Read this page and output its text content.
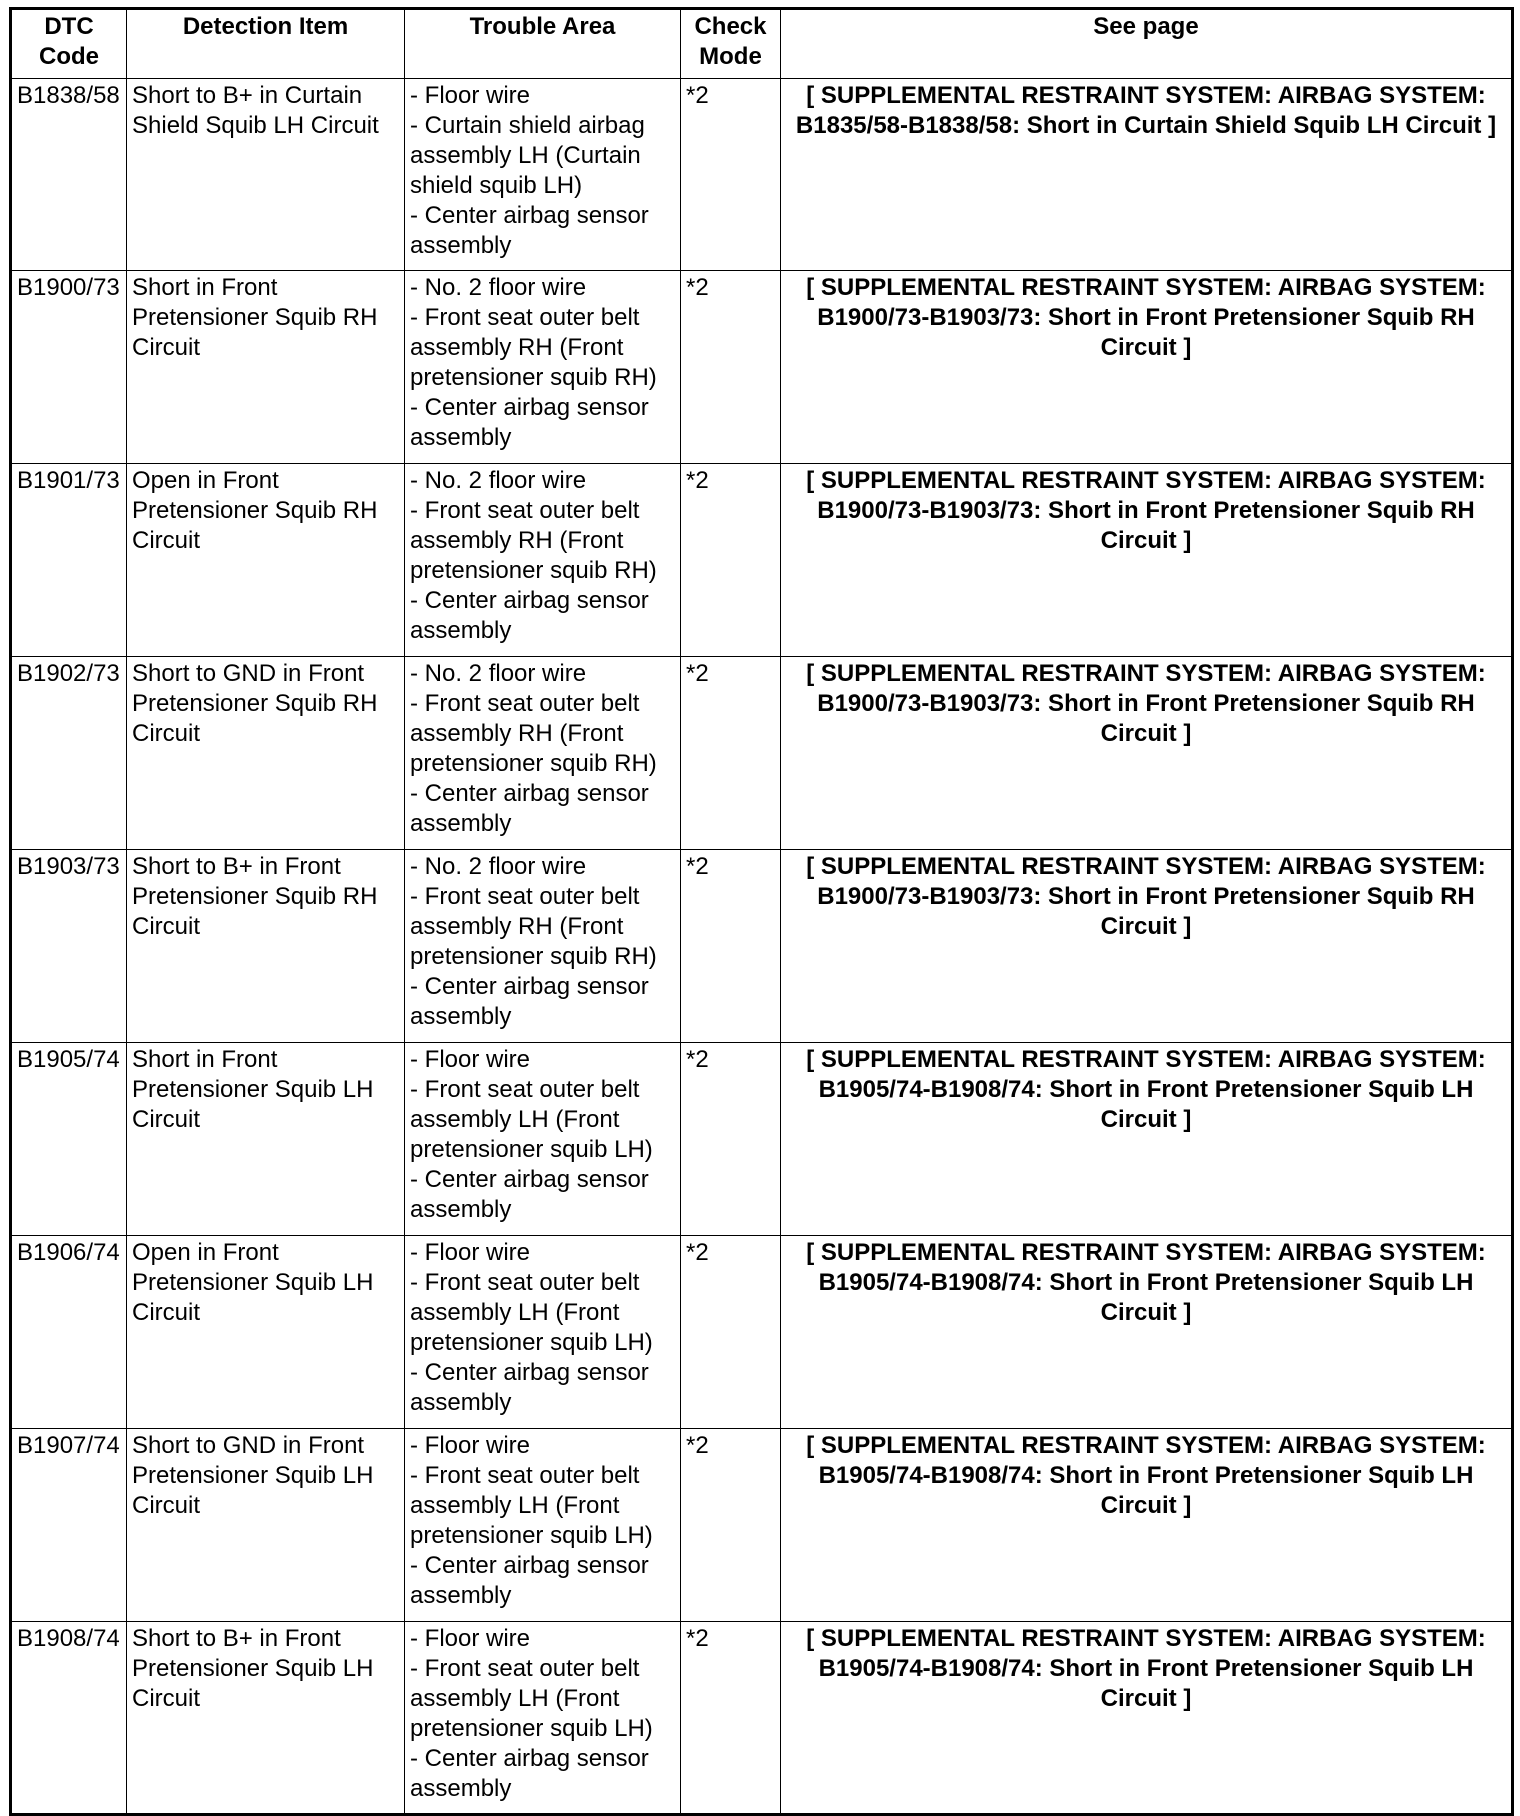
DTC Code	Detection Item	Trouble Area	Check Mode	See page
B1838/58	Short to B+ in Curtain Shield Squib LH Circuit	- Floor wire
- Curtain shield airbag assembly LH (Curtain shield squib LH)
- Center airbag sensor assembly	*2	[ SUPPLEMENTAL RESTRAINT SYSTEM: AIRBAG SYSTEM: B1835/58-B1838/58: Short in Curtain Shield Squib LH Circuit ]
B1900/73	Short in Front Pretensioner Squib RH Circuit	- No. 2 floor wire
- Front seat outer belt assembly RH (Front pretensioner squib RH)
- Center airbag sensor assembly	*2	[ SUPPLEMENTAL RESTRAINT SYSTEM: AIRBAG SYSTEM: B1900/73-B1903/73: Short in Front Pretensioner Squib RH Circuit ]
B1901/73	Open in Front Pretensioner Squib RH Circuit	- No. 2 floor wire
- Front seat outer belt assembly RH (Front pretensioner squib RH)
- Center airbag sensor assembly	*2	[ SUPPLEMENTAL RESTRAINT SYSTEM: AIRBAG SYSTEM: B1900/73-B1903/73: Short in Front Pretensioner Squib RH Circuit ]
B1902/73	Short to GND in Front Pretensioner Squib RH Circuit	- No. 2 floor wire
- Front seat outer belt assembly RH (Front pretensioner squib RH)
- Center airbag sensor assembly	*2	[ SUPPLEMENTAL RESTRAINT SYSTEM: AIRBAG SYSTEM: B1900/73-B1903/73: Short in Front Pretensioner Squib RH Circuit ]
B1903/73	Short to B+ in Front Pretensioner Squib RH Circuit	- No. 2 floor wire
- Front seat outer belt assembly RH (Front pretensioner squib RH)
- Center airbag sensor assembly	*2	[ SUPPLEMENTAL RESTRAINT SYSTEM: AIRBAG SYSTEM: B1900/73-B1903/73: Short in Front Pretensioner Squib RH Circuit ]
B1905/74	Short in Front Pretensioner Squib LH Circuit	- Floor wire
- Front seat outer belt assembly LH (Front pretensioner squib LH)
- Center airbag sensor assembly	*2	[ SUPPLEMENTAL RESTRAINT SYSTEM: AIRBAG SYSTEM: B1905/74-B1908/74: Short in Front Pretensioner Squib LH Circuit ]
B1906/74	Open in Front Pretensioner Squib LH Circuit	- Floor wire
- Front seat outer belt assembly LH (Front pretensioner squib LH)
- Center airbag sensor assembly	*2	[ SUPPLEMENTAL RESTRAINT SYSTEM: AIRBAG SYSTEM: B1905/74-B1908/74: Short in Front Pretensioner Squib LH Circuit ]
B1907/74	Short to GND in Front Pretensioner Squib LH Circuit	- Floor wire
- Front seat outer belt assembly LH (Front pretensioner squib LH)
- Center airbag sensor assembly	*2	[ SUPPLEMENTAL RESTRAINT SYSTEM: AIRBAG SYSTEM: B1905/74-B1908/74: Short in Front Pretensioner Squib LH Circuit ]
B1908/74	Short to B+ in Front Pretensioner Squib LH Circuit	- Floor wire
- Front seat outer belt assembly LH (Front pretensioner squib LH)
- Center airbag sensor assembly	*2	[ SUPPLEMENTAL RESTRAINT SYSTEM: AIRBAG SYSTEM: B1905/74-B1908/74: Short in Front Pretensioner Squib LH Circuit ]
